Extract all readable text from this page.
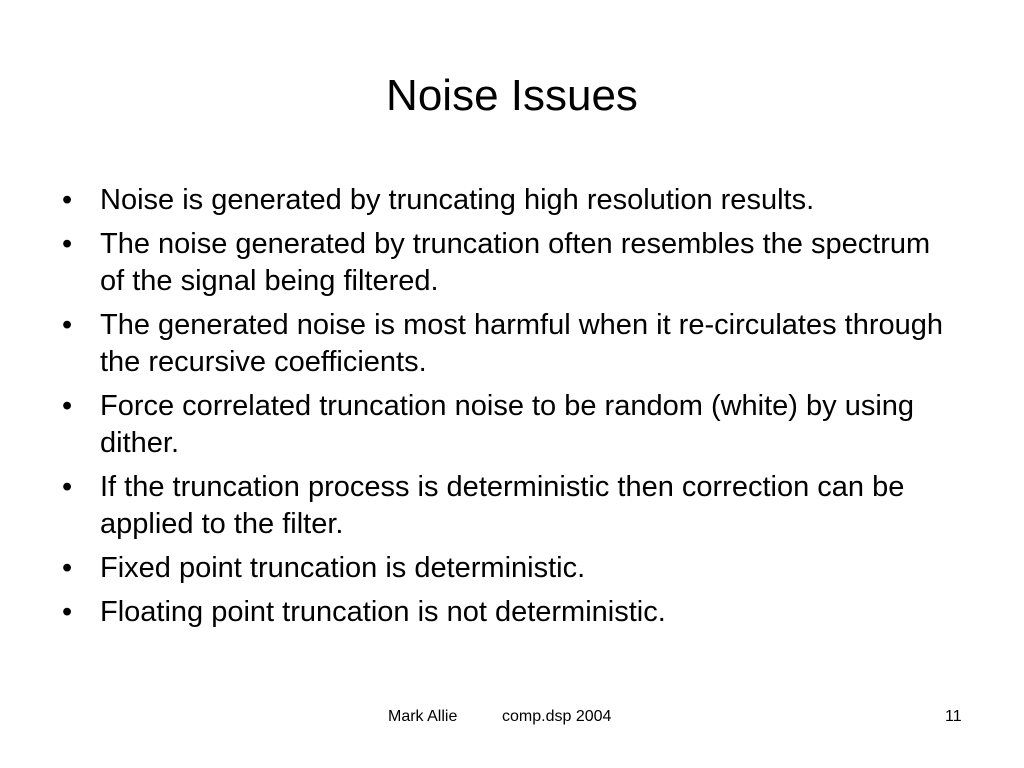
Noise Issues
• Noise is generated by truncating high resolution results.
• The noise generated by truncation often resembles the spectrum of the signal being filtered.
• The generated noise is most harmful when it re-circulates through the recursive coefficients.
• Force correlated truncation noise to be random (white) by using dither.
• If the truncation process is deterministic then correction can be applied to the filter.
• Fixed point truncation is deterministic.
• Floating point truncation is not deterministic.
Mark Allie	comp.dsp 2004	11
